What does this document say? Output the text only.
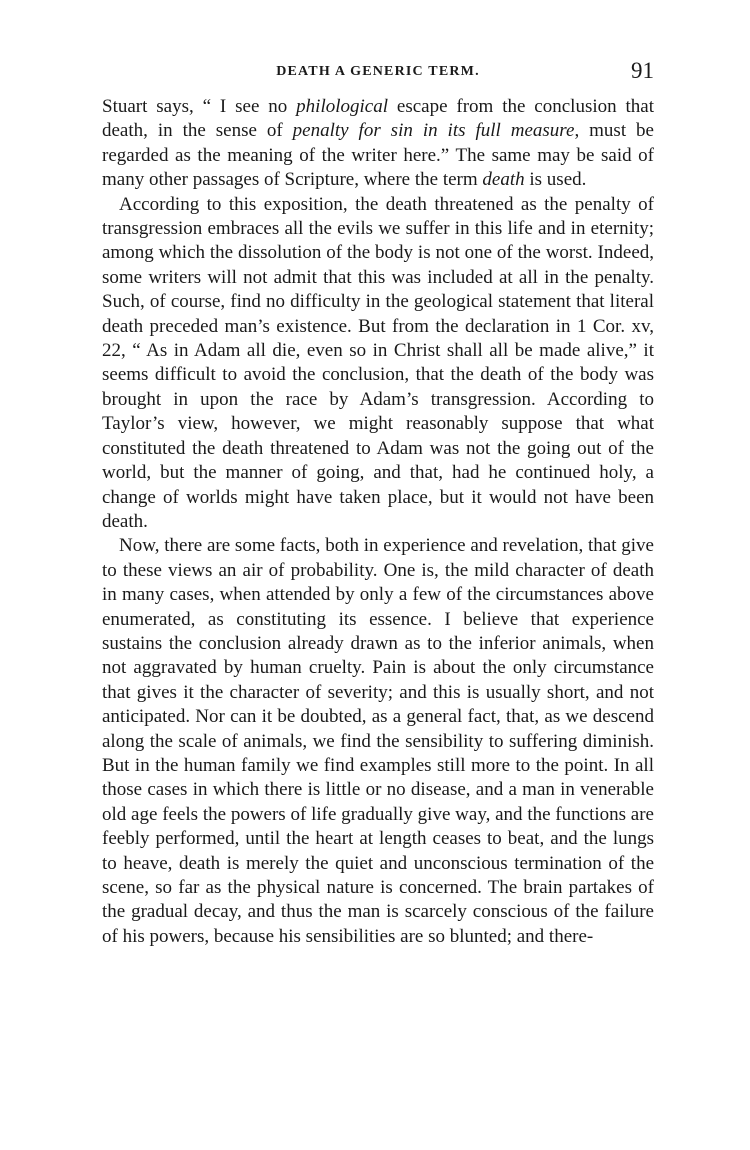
DEATH A GENERIC TERM.	91

Stuart says, “ I see no philological escape from the conclusion that death, in the sense of penalty for sin in its full measure, must be regarded as the meaning of the writer here.” The same may be said of many other passages of Scripture, where the term death is used.

According to this exposition, the death threatened as the penalty of transgression embraces all the evils we suffer in this life and in eternity; among which the dissolution of the body is not one of the worst. Indeed, some writers will not admit that this was included at all in the penalty. Such, of course, find no difficulty in the geological statement that literal death preceded man’s existence. But from the declaration in 1 Cor. xv, 22, “ As in Adam all die, even so in Christ shall all be made alive,” it seems difficult to avoid the conclusion, that the death of the body was brought in upon the race by Adam’s transgression. According to Taylor’s view, however, we might reasonably suppose that what constituted the death threatened to Adam was not the going out of the world, but the manner of going, and that, had he continued holy, a change of worlds might have taken place, but it would not have been death.

Now, there are some facts, both in experience and revelation, that give to these views an air of probability. One is, the mild character of death in many cases, when attended by only a few of the circumstances above enumerated, as constituting its essence. I believe that experience sustains the conclusion already drawn as to the inferior animals, when not aggravated by human cruelty. Pain is about the only circumstance that gives it the character of severity; and this is usually short, and not anticipated. Nor can it be doubted, as a general fact, that, as we descend along the scale of animals, we find the sensibility to suffering diminish. But in the human family we find examples still more to the point. In all those cases in which there is little or no disease, and a man in venerable old age feels the powers of life gradually give way, and the functions are feebly performed, until the heart at length ceases to beat, and the lungs to heave, death is merely the quiet and unconscious termination of the scene, so far as the physical nature is concerned. The brain partakes of the gradual decay, and thus the man is scarcely conscious of the failure of his powers, because his sensibilities are so blunted; and there-
